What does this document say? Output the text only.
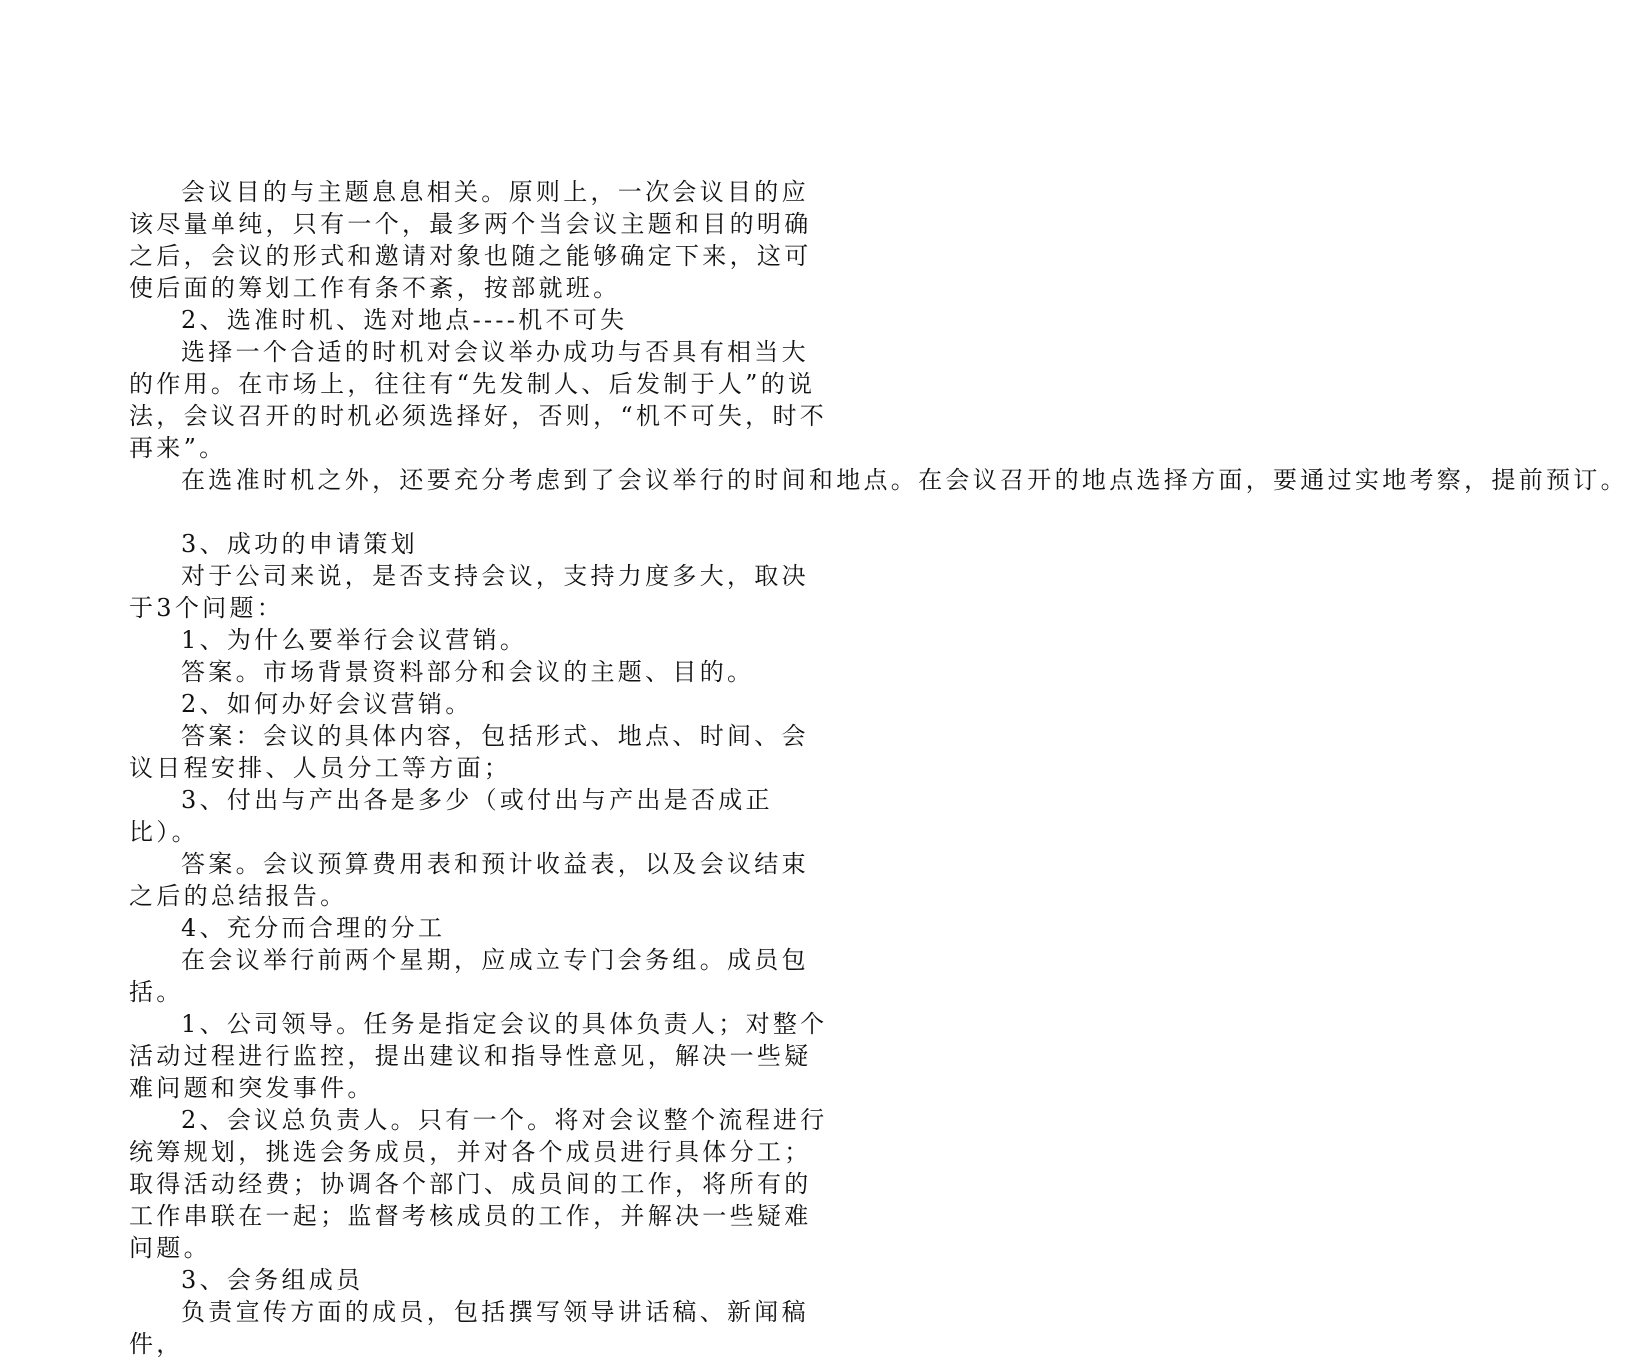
会议目的与主题息息相关。原则上，一次会议目的应该尽量单纯，只有一个，最多两个当会议主题和目的明确之后，会议的形式和邀请对象也随之能够确定下来，这可使后面的筹划工作有条不紊，按部就班。

2、选准时机、选对地点----机不可失

选择一个合适的时机对会议举办成功与否具有相当大的作用。在市场上，往往有“先发制人、后发制于人”的说法，会议召开的时机必须选择好，否则，“机不可失，时不再来”。

在选准时机之外，还要充分考虑到了会议举行的时间和地点。在会议召开的地点选择方面，要通过实地考察，提前预订。

3、成功的申请策划

对于公司来说，是否支持会议，支持力度多大，取决于3个问题：

1、为什么要举行会议营销。

答案。市场背景资料部分和会议的主题、目的。

2、如何办好会议营销。

答案：会议的具体内容，包括形式、地点、时间、会议日程安排、人员分工等方面；

3、付出与产出各是多少（或付出与产出是否成正比）。

答案。会议预算费用表和预计收益表，以及会议结束之后的总结报告。

4、充分而合理的分工

在会议举行前两个星期，应成立专门会务组。成员包括。

1、公司领导。任务是指定会议的具体负责人；对整个活动过程进行监控，提出建议和指导性意见，解决一些疑难问题和突发事件。

2、会议总负责人。只有一个。将对会议整个流程进行统筹规划，挑选会务成员，并对各个成员进行具体分工；取得活动经费；协调各个部门、成员间的工作，将所有的工作串联在一起；监督考核成员的工作，并解决一些疑难问题。

3、会务组成员

负责宣传方面的成员，包括撰写领导讲话稿、新闻稿件，
